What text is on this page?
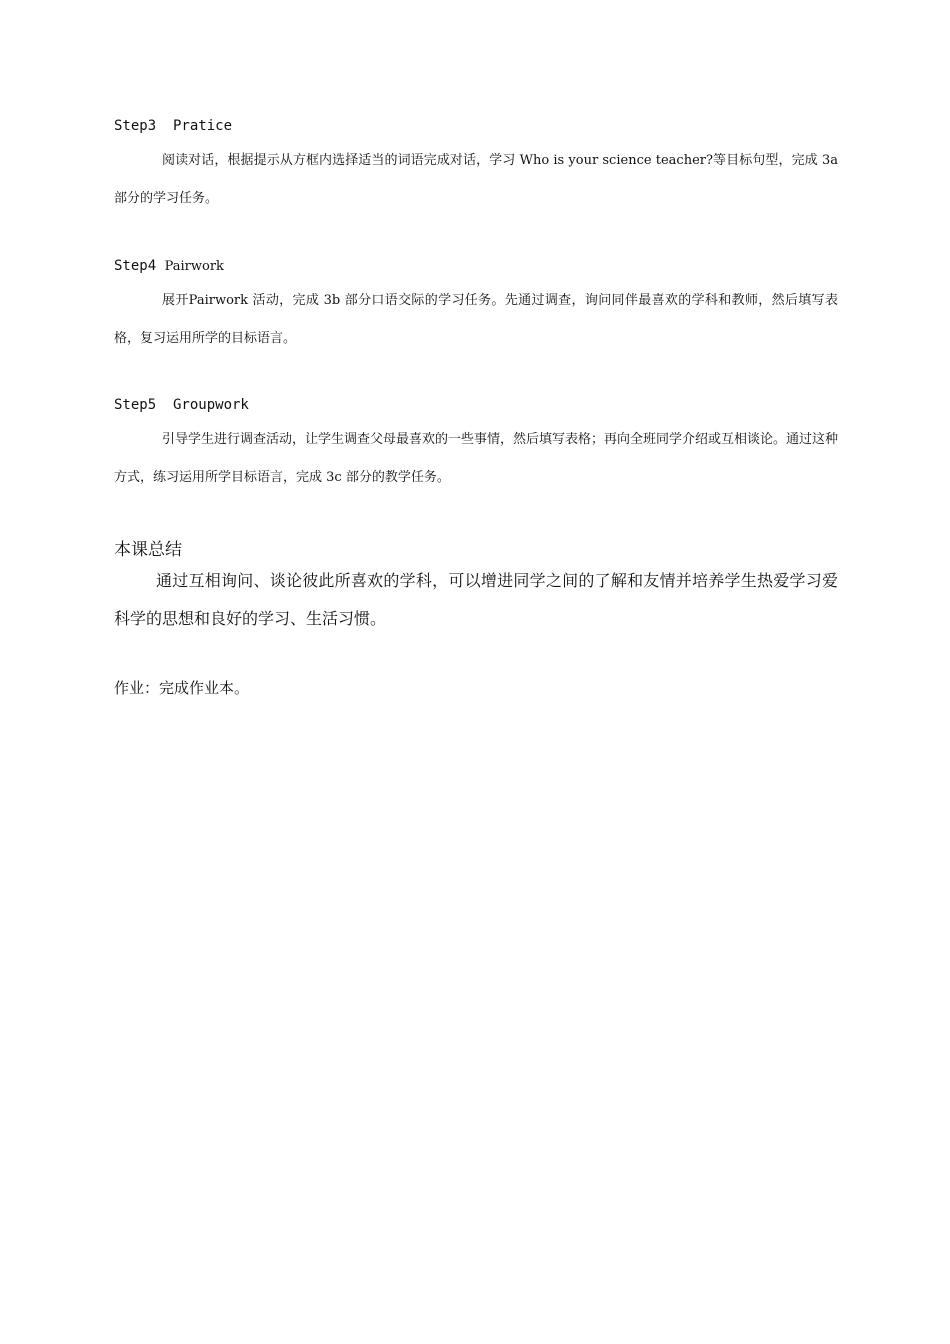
Step3  Pratice
阅读对话，根据提示从方框内选择适当的词语完成对话，学习 Who is your science teacher?等目标句型，完成 3a 部分的学习任务。
Step4 Pairwork
展开Pairwork 活动，完成 3b 部分口语交际的学习任务。先通过调查，询问同伴最喜欢的学科和教师，然后填写表格，复习运用所学的目标语言。
Step5  Groupwork
引导学生进行调查活动，让学生调查父母最喜欢的一些事情，然后填写表格；再向全班同学介绍或互相谈论。通过这种方式，练习运用所学目标语言，完成 3c 部分的教学任务。
本课总结
通过互相询问、谈论彼此所喜欢的学科，可以增进同学之间的了解和友情并培养学生热爱学习爱科学的思想和良好的学习、生活习惯。
作业：完成作业本。
